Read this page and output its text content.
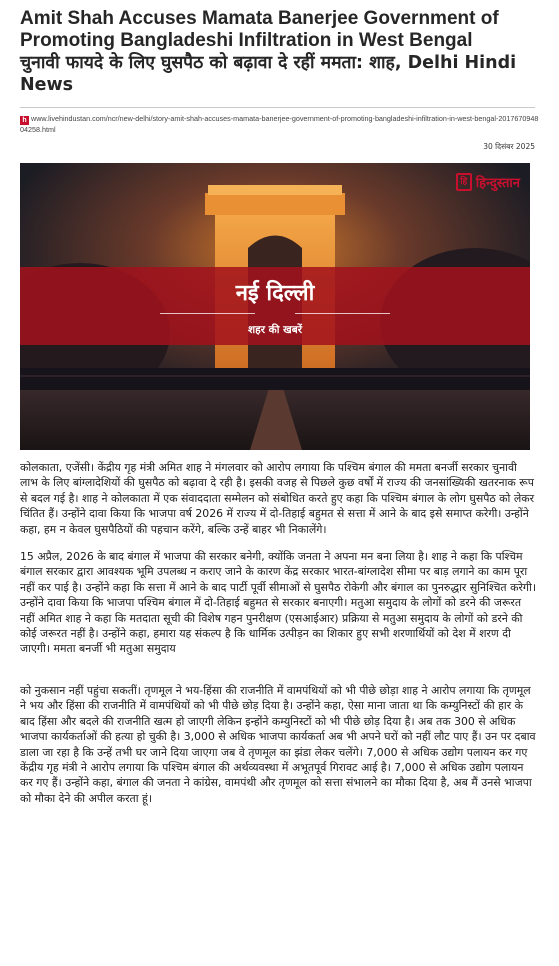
Amit Shah Accuses Mamata Banerjee Government of Promoting Bangladeshi Infiltration in West Bengal
चुनावी फायदे के लिए घुसपैठ को बढ़ावा दे रहीं ममता: शाह, Delhi Hindi News
h www.livehindustan.com/ncr/new-delhi/story-amit-shah-accuses-mamata-banerjee-government-of-promoting-bangladeshi-infiltration-in-west-bengal-201767094804258.html
30 दिसंबर 2025
हि हिन्दुस्तान
नई दिल्ली
शहर की खबरें

कोलकाता, एजेंसी। केंद्रीय गृह मंत्री अमित शाह ने मंगलवार को आरोप लगाया कि पश्चिम बंगाल की ममता बनर्जी सरकार चुनावी लाभ के लिए बांग्लादेशियों की घुसपैठ को बढ़ावा दे रही है। इसकी वजह से पिछले कुछ वर्षों में राज्य की जनसांख्यिकी खतरनाक रूप से बदल गई है। शाह ने कोलकाता में एक संवाददाता सम्मेलन को संबोधित करते हुए कहा कि पश्चिम बंगाल के लोग घुसपैठ को लेकर चिंतित हैं। उन्होंने दावा किया कि भाजपा वर्ष 2026 में राज्य में दो-तिहाई बहुमत से सत्ता में आने के बाद इसे समाप्त करेगी। उन्होंने कहा, हम न केवल घुसपैठियों की पहचान करेंगे, बल्कि उन्हें बाहर भी निकालेंगे।

15 अप्रैल, 2026 के बाद बंगाल में भाजपा की सरकार बनेगी, क्योंकि जनता ने अपना मन बना लिया है। शाह ने कहा कि पश्चिम बंगाल सरकार द्वारा आवश्यक भूमि उपलब्ध न कराए जाने के कारण केंद्र सरकार भारत-बांग्लादेश सीमा पर बाड़ लगाने का काम पूरा नहीं कर पाई है। उन्होंने कहा कि सत्ता में आने के बाद पार्टी पूर्वी सीमाओं से घुसपैठ रोकेगी और बंगाल का पुनरुद्धार सुनिश्चित करेगी। उन्होंने दावा किया कि भाजपा पश्चिम बंगाल में दो-तिहाई बहुमत से सरकार बनाएगी। मतुआ समुदाय के लोगों को डरने की जरूरत नहीं अमित शाह ने कहा कि मतदाता सूची की विशेष गहन पुनरीक्षण (एसआईआर) प्रक्रिया से मतुआ समुदाय के लोगों को डरने की कोई जरूरत नहीं है। उन्होंने कहा, हमारा यह संकल्प है कि धार्मिक उत्पीड़न का शिकार हुए सभी शरणार्थियों को देश में शरण दी जाएगी। ममता बनर्जी भी मतुआ समुदाय

को नुकसान नहीं पहुंचा सकतीं। तृणमूल ने भय-हिंसा की राजनीति में वामपंथियों को भी पीछे छोड़ा शाह ने आरोप लगाया कि तृणमूल ने भय और हिंसा की राजनीति में वामपंथियों को भी पीछे छोड़ दिया है। उन्होंने कहा, ऐसा माना जाता था कि कम्युनिस्टों की हार के बाद हिंसा और बदले की राजनीति खत्म हो जाएगी लेकिन इन्होंने कम्युनिस्टों को भी पीछे छोड़ दिया है। अब तक 300 से अधिक भाजपा कार्यकर्ताओं की हत्या हो चुकी है। 3,000 से अधिक भाजपा कार्यकर्ता अब भी अपने घरों को नहीं लौट पाए हैं। उन पर दबाव डाला जा रहा है कि उन्हें तभी घर जाने दिया जाएगा जब वे तृणमूल का झंडा लेकर चलेंगे। 7,000 से अधिक उद्योग पलायन कर गए केंद्रीय गृह मंत्री ने आरोप लगाया कि पश्चिम बंगाल की अर्थव्यवस्था में अभूतपूर्व गिरावट आई है। 7,000 से अधिक उद्योग पलायन कर गए हैं। उन्होंने कहा, बंगाल की जनता ने कांग्रेस, वामपंथी और तृणमूल को सत्ता संभालने का मौका दिया है, अब मैं उनसे भाजपा को मौका देने की अपील करता हूं।
